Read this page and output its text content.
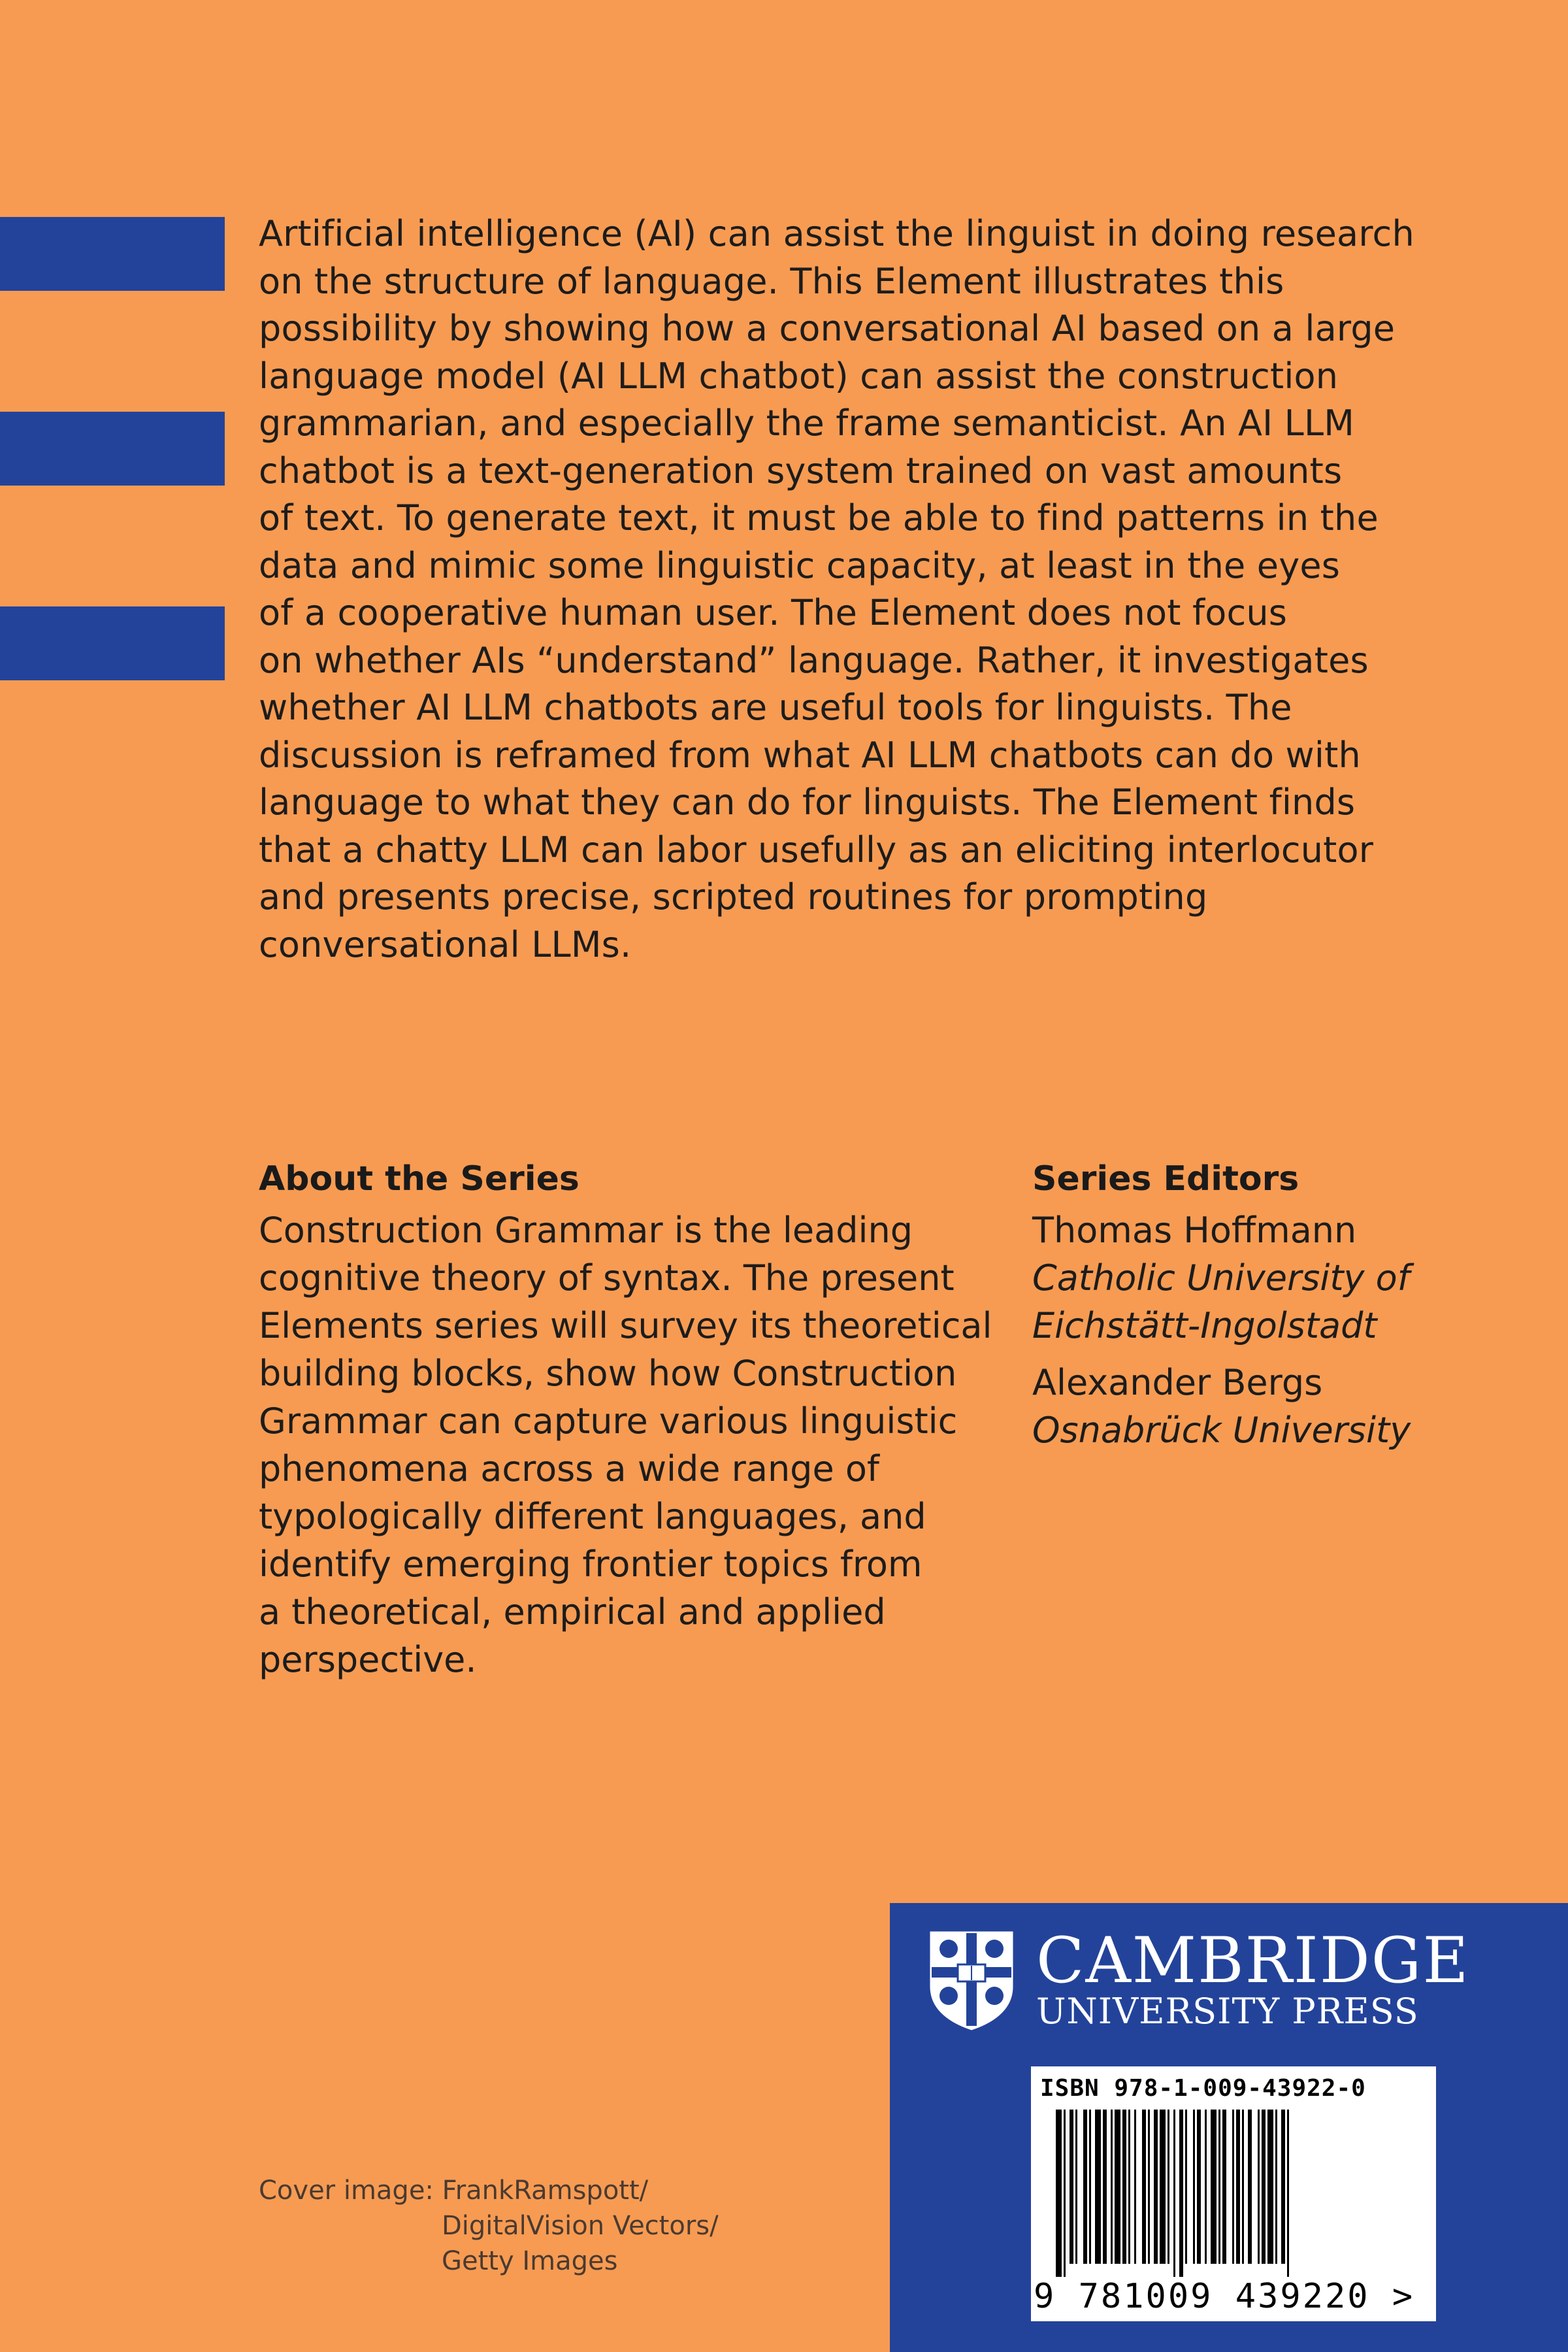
Artificial intelligence (AI) can assist the linguist in doing research
on the structure of language. This Element illustrates this
possibility by showing how a conversational AI based on a large
language model (AI LLM chatbot) can assist the construction
grammarian, and especially the frame semanticist. An AI LLM
chatbot is a text-generation system trained on vast amounts
of text. To generate text, it must be able to find patterns in the
data and mimic some linguistic capacity, at least in the eyes
of a cooperative human user. The Element does not focus
on whether AIs “understand” language. Rather, it investigates
whether AI LLM chatbots are useful tools for linguists. The
discussion is reframed from what AI LLM chatbots can do with
language to what they can do for linguists. The Element finds
that a chatty LLM can labor usefully as an eliciting interlocutor
and presents precise, scripted routines for prompting
conversational LLMs.
About the Series
Construction Grammar is the leading
cognitive theory of syntax. The present
Elements series will survey its theoretical
building blocks, show how Construction
Grammar can capture various linguistic
phenomena across a wide range of
typologically different languages, and
identify emerging frontier topics from
a theoretical, empirical and applied
perspective.
Series Editors
Thomas Hoffmann
Catholic University of
Eichstätt-Ingolstadt
Alexander Bergs
Osnabrück University
Cover image: FrankRamspott/
DigitalVision Vectors/
Getty Images
CAMBRIDGE
UNIVERSITY PRESS
ISBN 978-1-009-43922-0
9 781009 439220 >
